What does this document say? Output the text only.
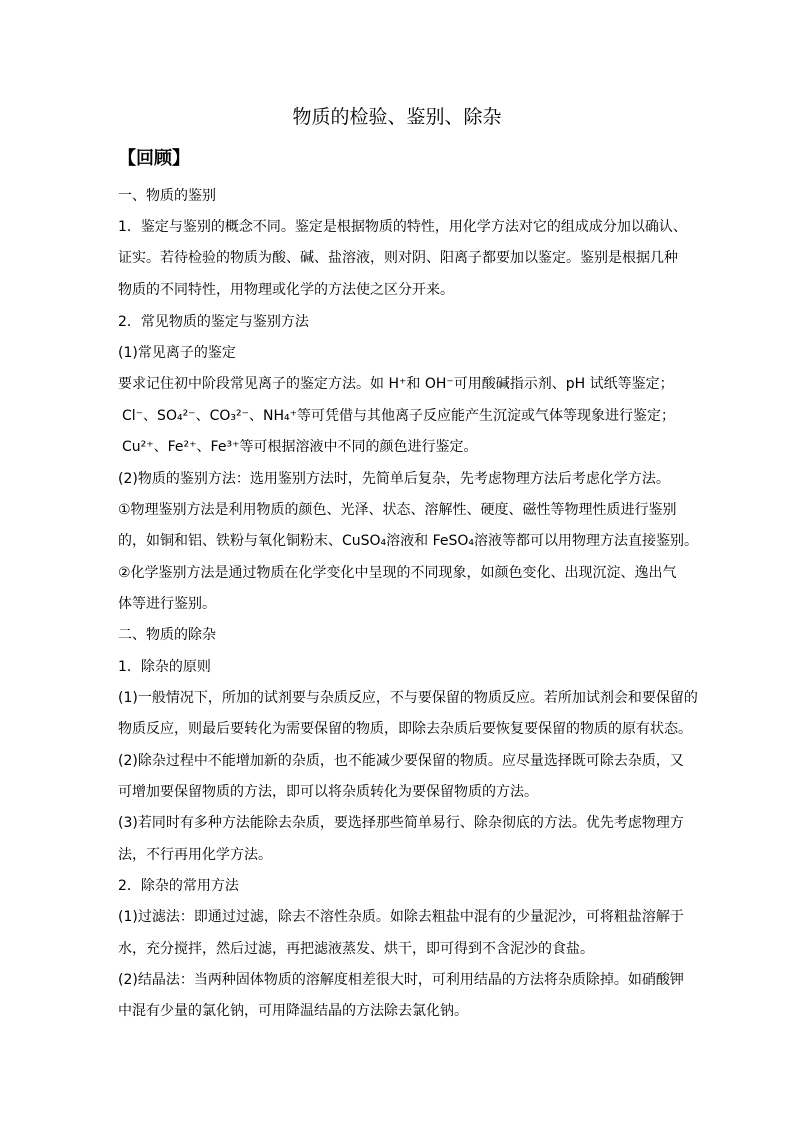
物质的检验、鉴别、除杂
【回顾】
一、物质的鉴别
1．鉴定与鉴别的概念不同。鉴定是根据物质的特性，用化学方法对它的组成成分加以确认、
证实。若待检验的物质为酸、碱、盐溶液，则对阴、阳离子都要加以鉴定。鉴别是根据几种
物质的不同特性，用物理或化学的方法使之区分开来。
2．常见物质的鉴定与鉴别方法
(1)常见离子的鉴定
要求记住初中阶段常见离子的鉴定方法。如 H⁺和 OH⁻可用酸碱指示剂、pH 试纸等鉴定；
Cl⁻、SO₄²⁻、CO₃²⁻、NH₄⁺等可凭借与其他离子反应能产生沉淀或气体等现象进行鉴定；
Cu²⁺、Fe²⁺、Fe³⁺等可根据溶液中不同的颜色进行鉴定。
(2)物质的鉴别方法：选用鉴别方法时，先简单后复杂，先考虑物理方法后考虑化学方法。
①物理鉴别方法是利用物质的颜色、光泽、状态、溶解性、硬度、磁性等物理性质进行鉴别
的，如铜和铝、铁粉与氧化铜粉末、CuSO₄溶液和 FeSO₄溶液等都可以用物理方法直接鉴别。
②化学鉴别方法是通过物质在化学变化中呈现的不同现象，如颜色变化、出现沉淀、逸出气
体等进行鉴别。
二、物质的除杂
1．除杂的原则
(1)一般情况下，所加的试剂要与杂质反应，不与要保留的物质反应。若所加试剂会和要保留的
物质反应，则最后要转化为需要保留的物质，即除去杂质后要恢复要保留的物质的原有状态。
(2)除杂过程中不能增加新的杂质，也不能减少要保留的物质。应尽量选择既可除去杂质，又
可增加要保留物质的方法，即可以将杂质转化为要保留物质的方法。
(3)若同时有多种方法能除去杂质，要选择那些简单易行、除杂彻底的方法。优先考虑物理方
法，不行再用化学方法。
2．除杂的常用方法
(1)过滤法：即通过过滤，除去不溶性杂质。如除去粗盐中混有的少量泥沙，可将粗盐溶解于
水，充分搅拌，然后过滤，再把滤液蒸发、烘干，即可得到不含泥沙的食盐。
(2)结晶法：当两种固体物质的溶解度相差很大时，可利用结晶的方法将杂质除掉。如硝酸钾
中混有少量的氯化钠，可用降温结晶的方法除去氯化钠。
